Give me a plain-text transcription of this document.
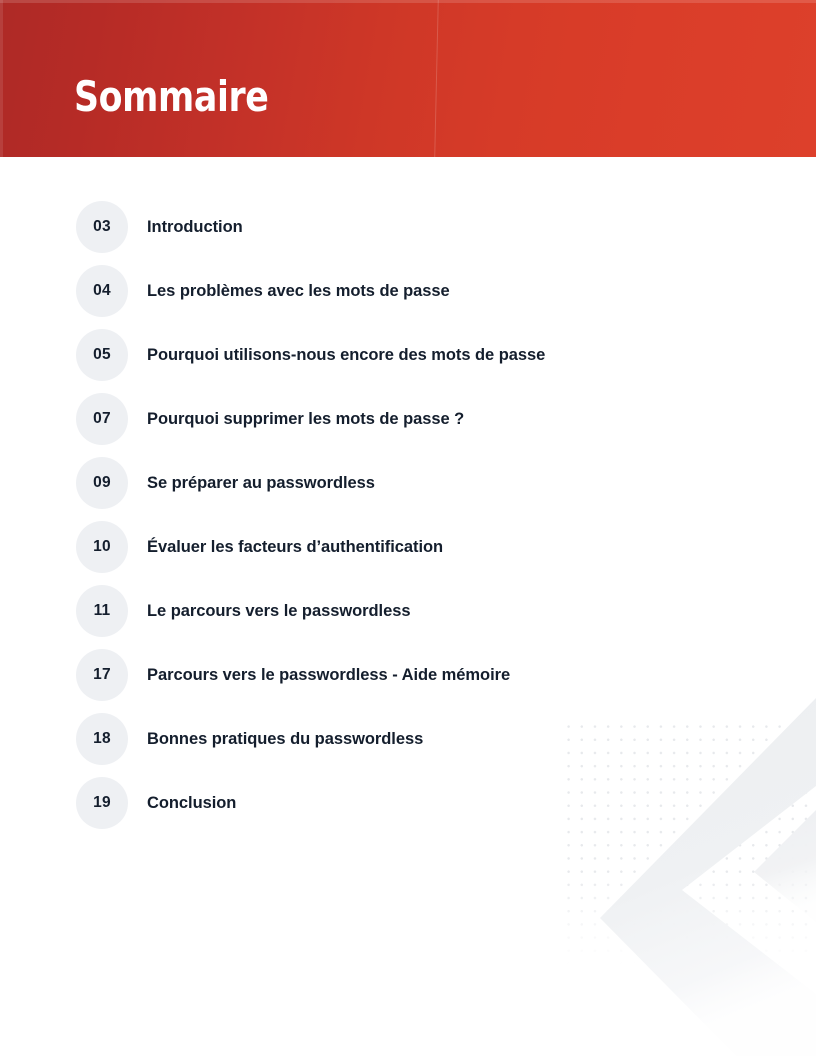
Sommaire
03 Introduction
04 Les problèmes avec les mots de passe
05 Pourquoi utilisons-nous encore des mots de passe
07 Pourquoi supprimer les mots de passe ?
09 Se préparer au passwordless
10 Évaluer les facteurs d’authentification
11 Le parcours vers le passwordless
17 Parcours vers le passwordless - Aide mémoire
18 Bonnes pratiques du passwordless
19 Conclusion
